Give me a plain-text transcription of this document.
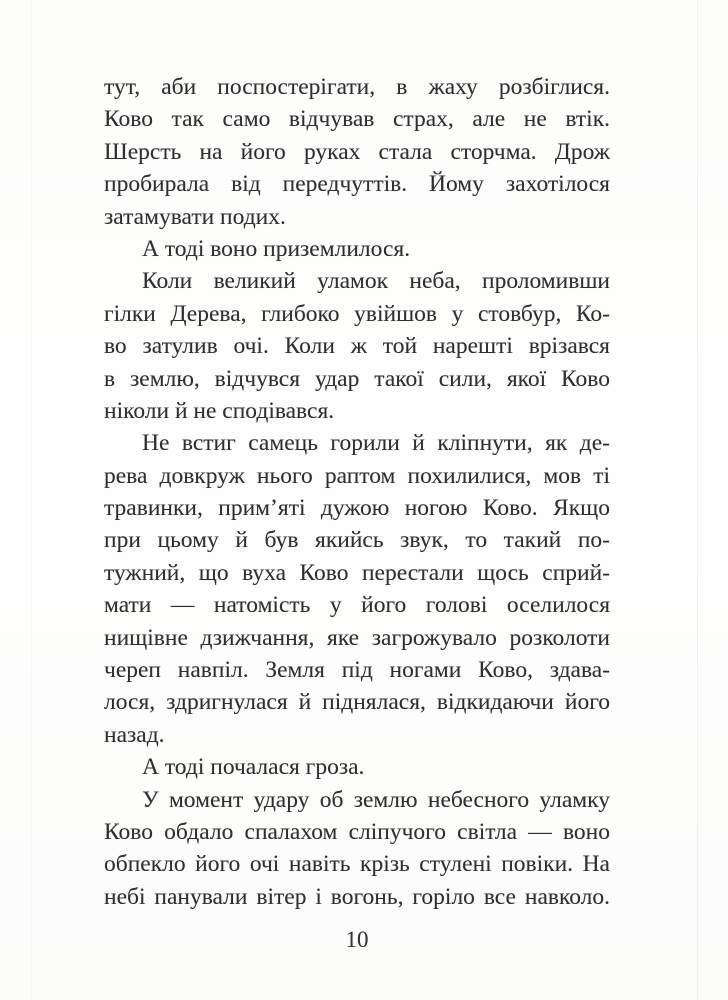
тут, аби поспостерігати, в жаху розбіглися.
Ково так само відчував страх, але не втік.
Шерсть на його руках стала сторчма. Дрож
пробирала від передчуттів. Йому захотілося
затамувати подих.
А тоді воно приземлилося.
Коли великий уламок неба, проломивши
гілки Дерева, глибоко увійшов у стовбур, Ко-
во затулив очі. Коли ж той нарешті врізався
в землю, відчувся удар такої сили, якої Ково
ніколи й не сподівався.
Не встиг самець горили й кліпнути, як де-
рева довкруж нього раптом похилилися, мов ті
травинки, прим’яті дужою ногою Ково. Якщо
при цьому й був якийсь звук, то такий по-
тужний, що вуха Ково перестали щось сприй-
мати — натомість у його голові оселилося
нищівне дзижчання, яке загрожувало розколоти
череп навпіл. Земля під ногами Ково, здава-
лося, здригнулася й піднялася, відкидаючи його
назад.
А тоді почалася гроза.
У момент удару об землю небесного уламку
Ково обдало спалахом сліпучого світла — воно
обпекло його очі навіть крізь стулені повіки. На
небі панували вітер і вогонь, горіло все навколо.
10
